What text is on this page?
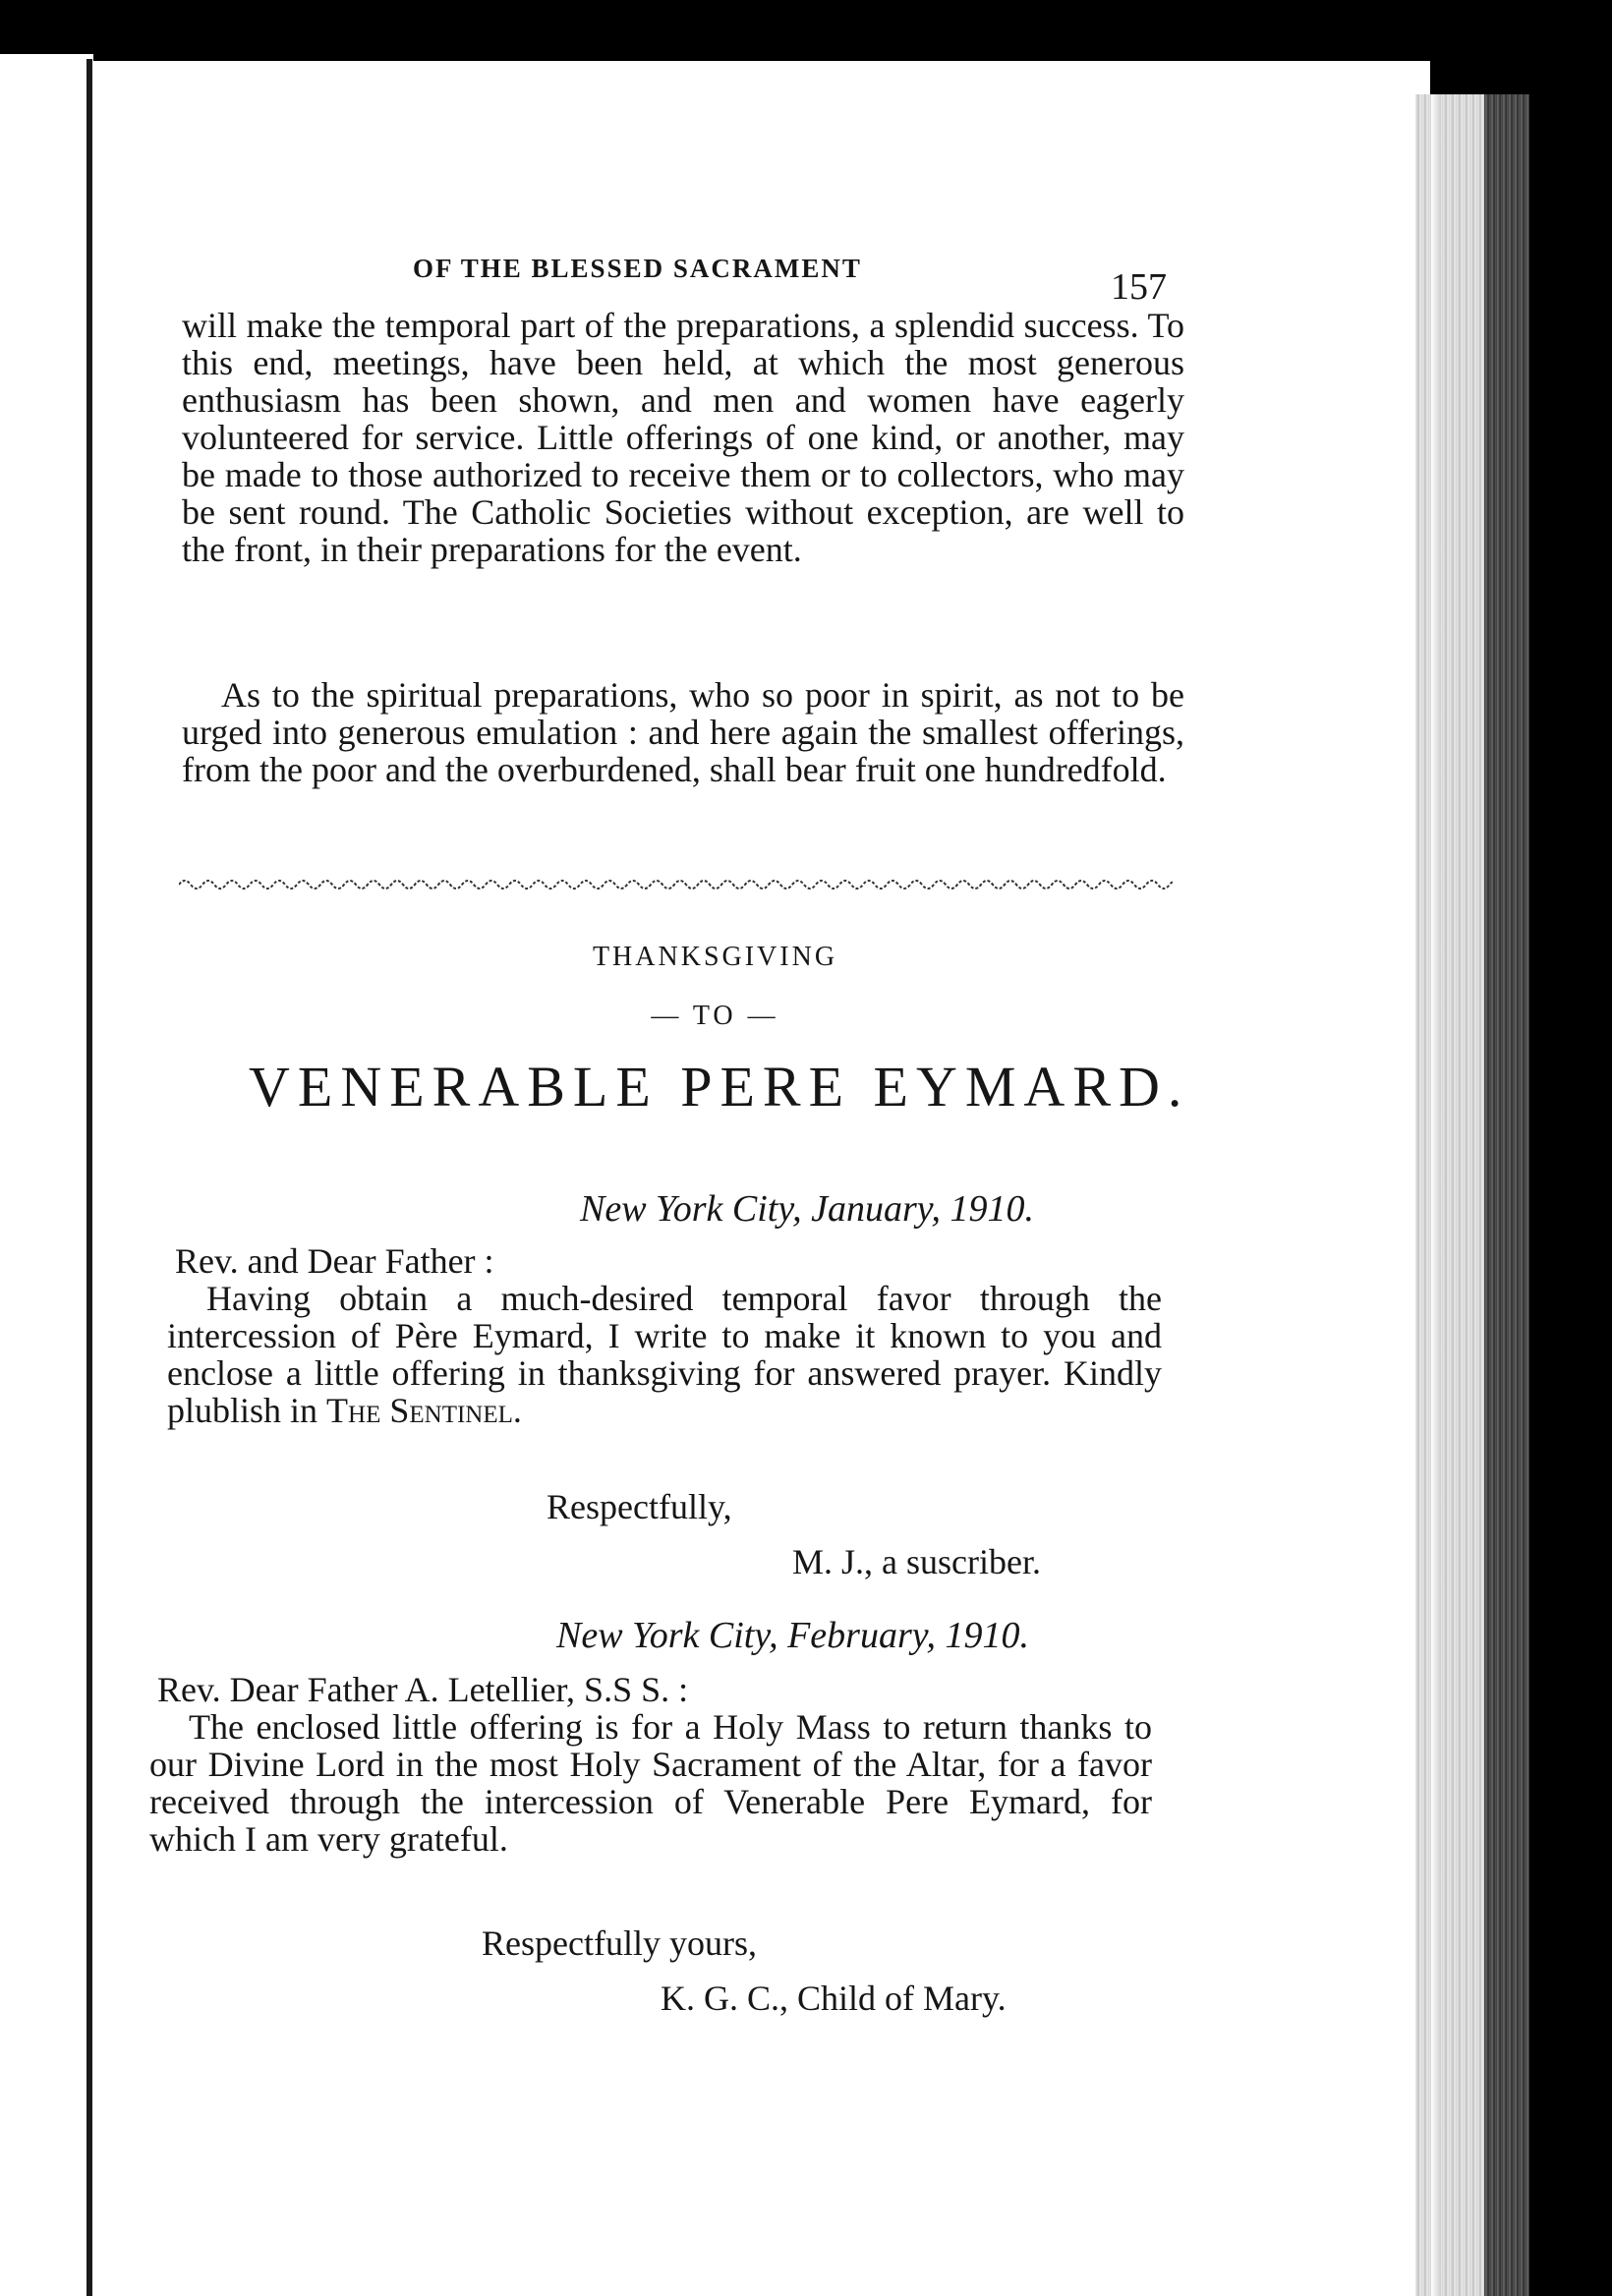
OF THE BLESSED SACRAMENT	157

will make the temporal part of the preparations, a splendid success. To this end, meetings, have been held, at which the most generous enthusiasm has been shown, and men and women have eagerly volunteered for service. Little offerings of one kind, or another, may be made to those authorized to receive them or to collectors, who may be sent round. The Catholic Societies without exception, are well to the front, in their preparations for the event.

As to the spiritual preparations, who so poor in spirit, as not to be urged into generous emulation : and here again the smallest offerings, from the poor and the overburdened, shall bear fruit one hundredfold.

THANKSGIVING
— TO —
VENERABLE PERE EYMARD.
New York City, January, 1910.
Rev. and Dear Father :

Having obtain a much-desired temporal favor through the intercession of Père Eymard, I write to make it known to you and enclose a little offering in thanksgiving for answered prayer. Kindly plublish in The Sentinel.

Respectfully,
M. J., a suscriber.
New York City, February, 1910.
Rev. Dear Father A. Letellier, S.S S. :

The enclosed little offering is for a Holy Mass to return thanks to our Divine Lord in the most Holy Sacrament of the Altar, for a favor received through the intercession of Venerable Pere Eymard, for which I am very grateful.

Respectfully yours,
K. G. C., Child of Mary.
